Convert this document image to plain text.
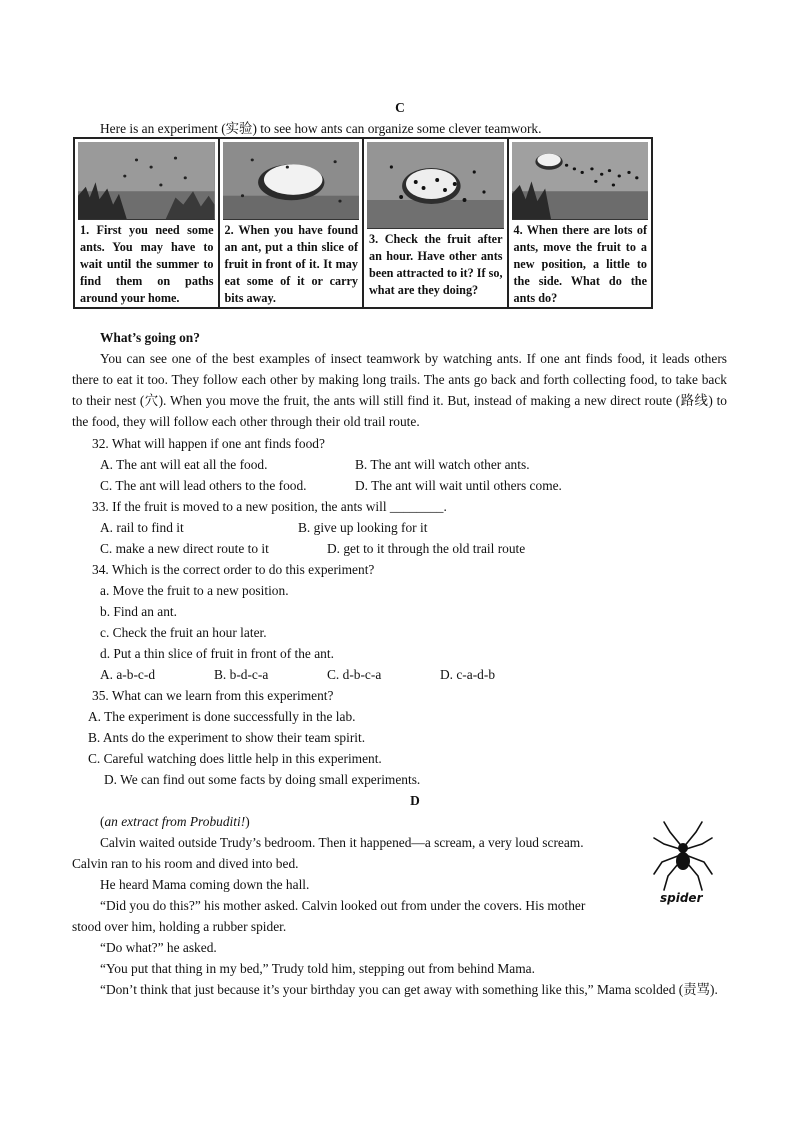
C
Here is an experiment (实验) to see how ants can organize some clever teamwork.
1. First you need some ants. You may have to wait until the summer to find them on paths around your home.
2. When you have found an ant, put a thin slice of fruit in front of it. It may eat some of it or carry bits away.
3. Check the fruit after an hour. Have other ants been attracted to it? If so, what are they doing?
4. When there are lots of ants, move the fruit to a new position, a little to the side. What do the ants do?
What’s going on?
You can see one of the best examples of insect teamwork by watching ants. If one ant finds food, it leads others there to eat it too. They follow each other by making long trails. The ants go back and forth collecting food, to take back to their nest (穴). When you move the fruit, the ants will still find it. But, instead of making a new direct route (路线) to the food, they will follow each other through their old trail route.
32. What will happen if one ant finds food?
A. The ant will eat all the food.	B. The ant will watch other ants.
C. The ant will lead others to the food.	D. The ant will wait until others come.
33. If the fruit is moved to a new position, the ants will ________.
A. rail to find it	B. give up looking for it
C. make a new direct route to it	D. get to it through the old trail route
34. Which is the correct order to do this experiment?
a. Move the fruit to a new position.
b. Find an ant.
c. Check the fruit an hour later.
d. Put a thin slice of fruit in front of the ant.
A. a-b-c-d	B. b-d-c-a	C. d-b-c-a	D. c-a-d-b
35. What can we learn from this experiment?
A. The experiment is done successfully in the lab.
B. Ants do the experiment to show their team spirit.
C. Careful watching does little help in this experiment.
D. We can find out some facts by doing small experiments.
D
(an extract from Probuditi!)
Calvin waited outside Trudy’s bedroom. Then it happened—a scream, a very loud scream.
Calvin ran to his room and dived into bed.
He heard Mama coming down the hall.
“Did you do this?” his mother asked. Calvin looked out from under the covers. His mother
stood over him, holding a rubber spider.
“Do what?” he asked.
“You put that thing in my bed,” Trudy told him, stepping out from behind Mama.
“Don’t think that just because it’s your birthday you can get away with something like this,” Mama scolded (责骂).
spider
